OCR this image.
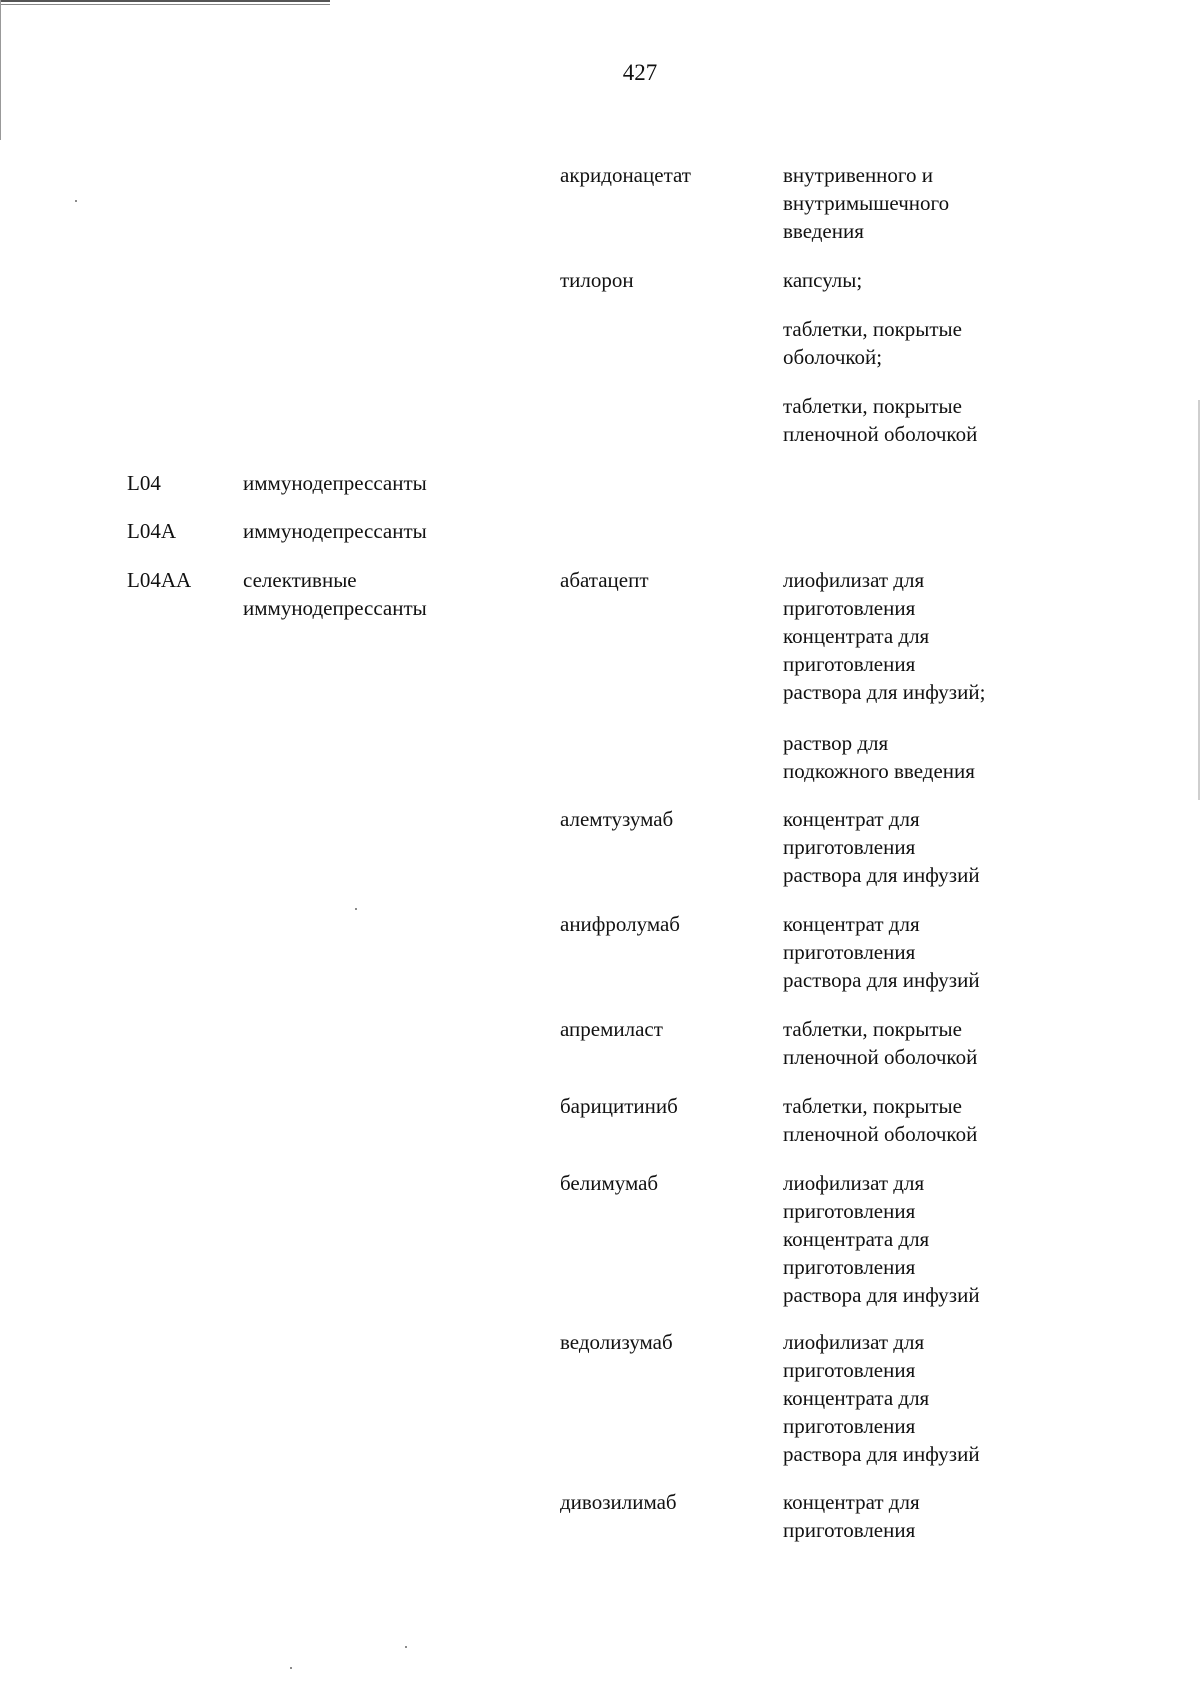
427
акридонацетат	внутривенного и
внутримышечного
введения
тилорон	капсулы;
таблетки, покрытые
оболочкой;
таблетки, покрытые
пленочной оболочкой
L04	иммунодепрессанты
L04A	иммунодепрессанты
L04AA селективные
иммунодепрессанты
абатацепт	лиофилизат для
приготовления
концентрата для
приготовления
раствора для инфузий;
раствор для
подкожного введения
алемтузумаб	концентрат для
приготовления
раствора для инфузий
анифролумаб	концентрат для
приготовления
раствора для инфузий
апремиласт	таблетки, покрытые
пленочной оболочкой
барицитиниб	таблетки, покрытые
пленочной оболочкой
белимумаб	лиофилизат для
приготовления
концентрата для
приготовления
раствора для инфузий
ведолизумаб	лиофилизат для
приготовления
концентрата для
приготовления
раствора для инфузий
дивозилимаб	концентрат для
приготовления
